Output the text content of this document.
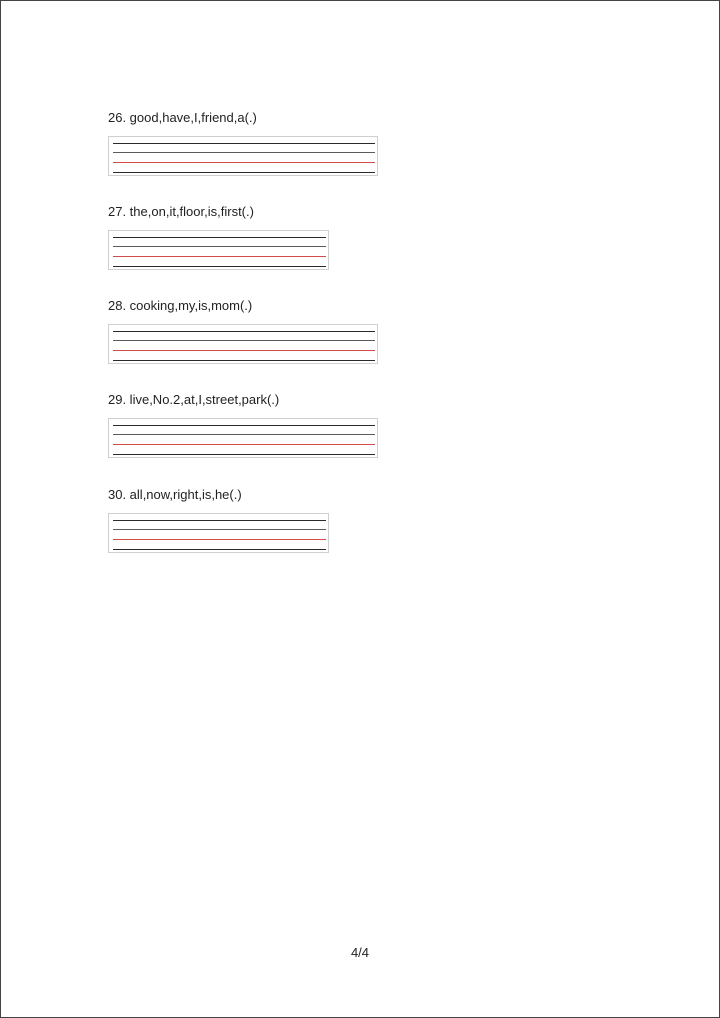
26. good,have,I,friend,a(.)
27. the,on,it,floor,is,first(.)
28. cooking,my,is,mom(.)
29. live,No.2,at,I,street,park(.)
30. all,now,right,is,he(.)
4/4
